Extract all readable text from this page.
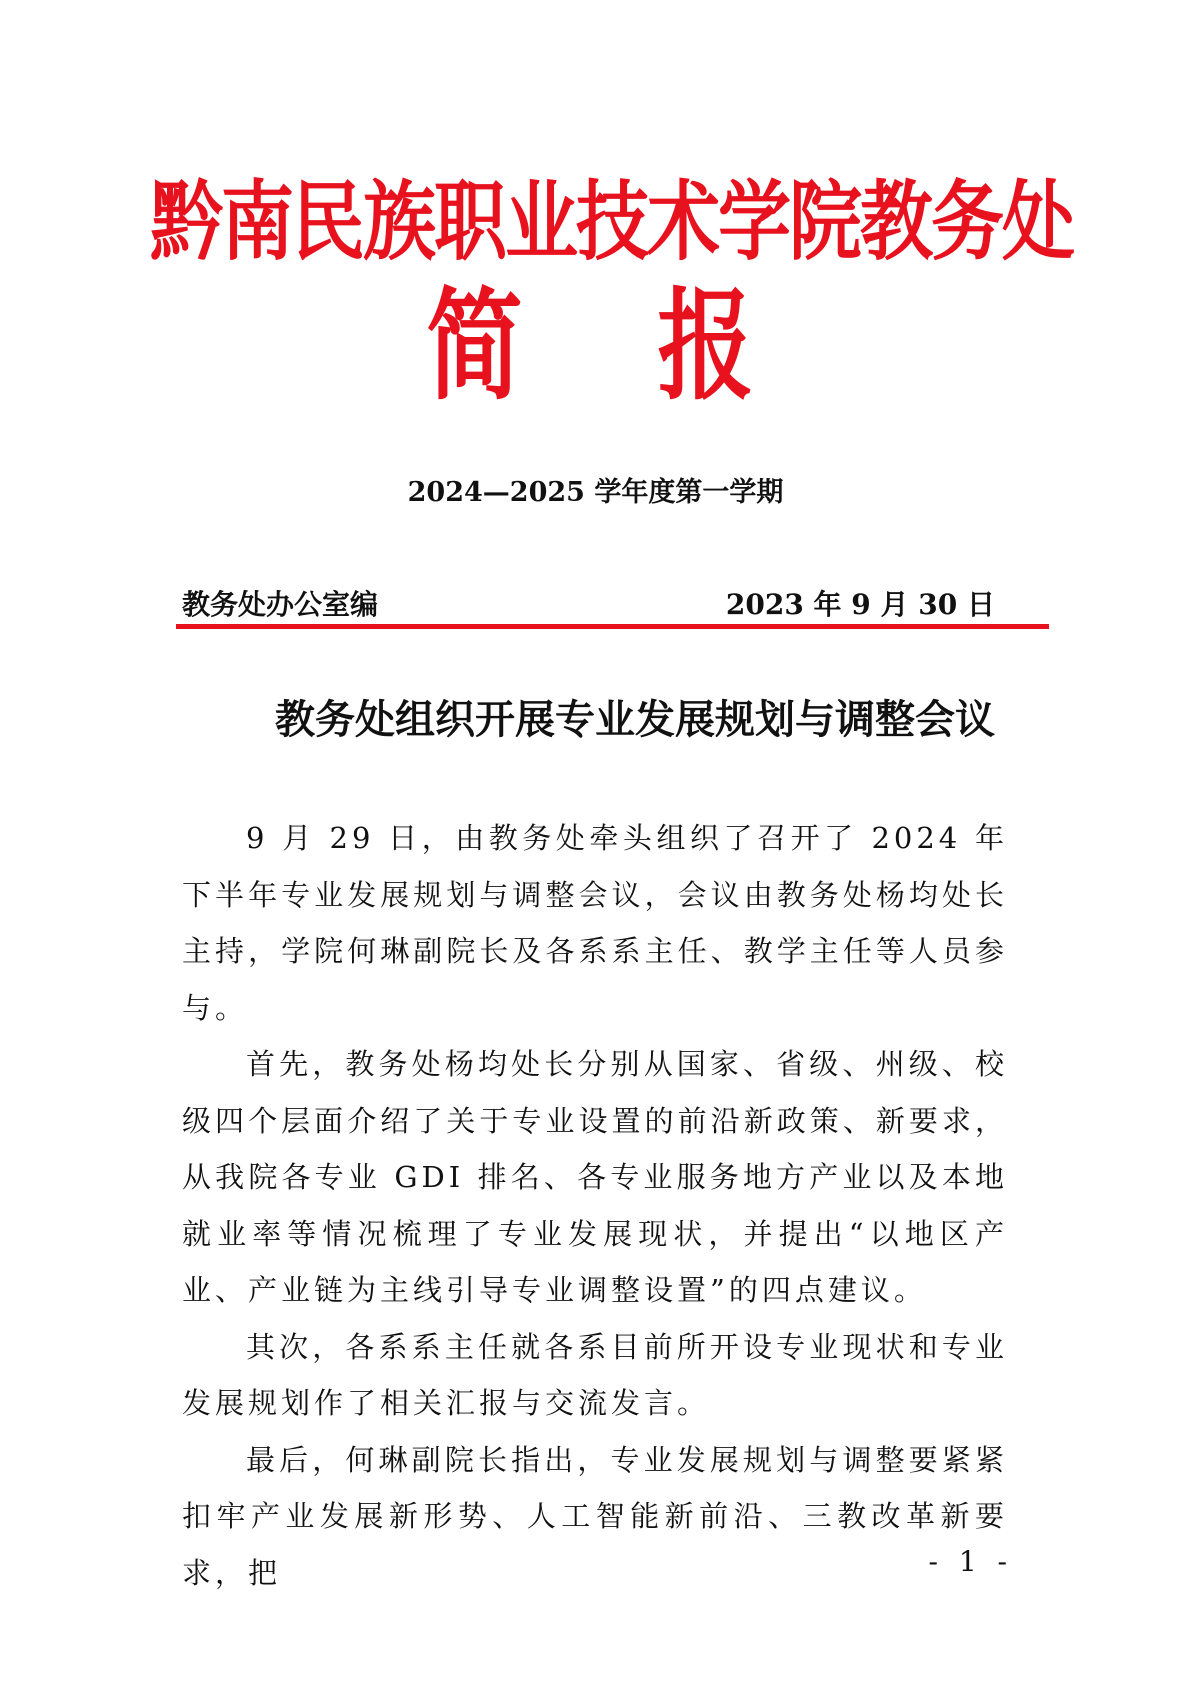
黔南民族职业技术学院教务处
简 报
2024—2025 学年度第一学期
教务处办公室编	2023 年 9 月 30 日
教务处组织开展专业发展规划与调整会议

9 月 29 日，由教务处牵头组织了召开了 2024 年下半年专业发展规划与调整会议，会议由教务处杨均处长主持，学院何琳副院长及各系系主任、教学主任等人员参与。

首先，教务处杨均处长分别从国家、省级、州级、校级四个层面介绍了关于专业设置的前沿新政策、新要求，从我院各专业 GDI 排名、各专业服务地方产业以及本地就业率等情况梳理了专业发展现状，并提出“以地区产业、产业链为主线引导专业调整设置”的四点建议。

其次，各系系主任就各系目前所开设专业现状和专业发展规划作了相关汇报与交流发言。

最后，何琳副院长指出，专业发展规划与调整要紧紧扣牢产业发展新形势、人工智能新前沿、三教改革新要求，把	- 1 -
